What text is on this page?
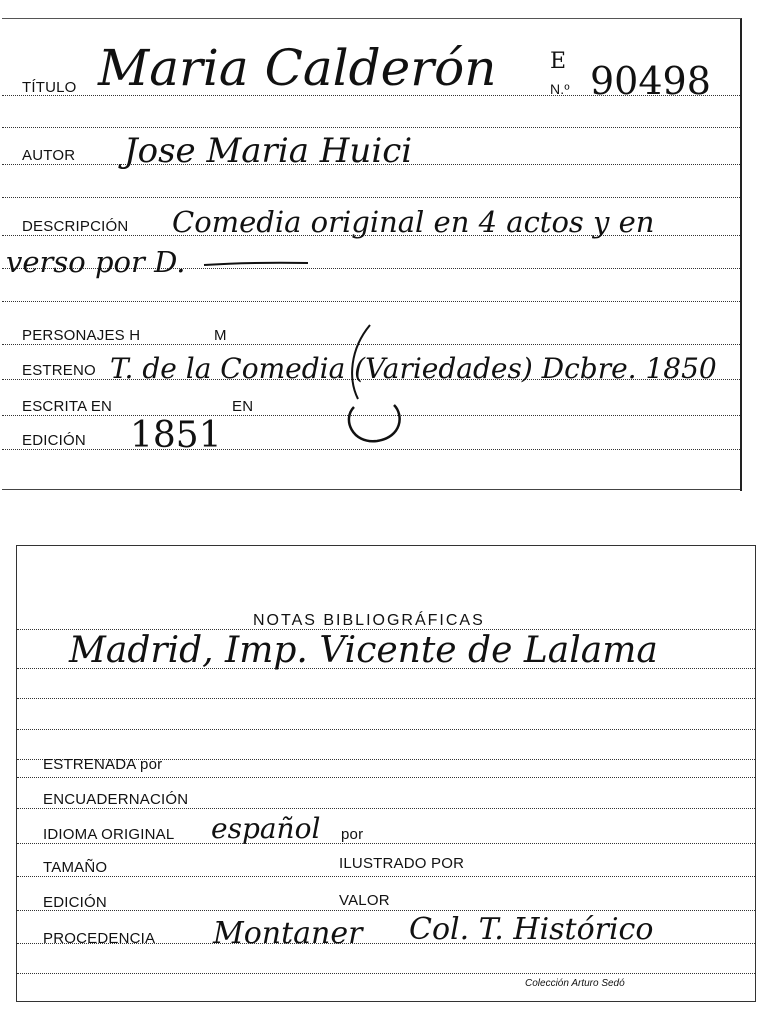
TÍTULO Maria Calderón E
N.º 90498
AUTOR Jose Maria Huici
DESCRIPCIÓN Comedia original en 4 actos y en
verso por D.
PERSONAJES H	M
ESTRENO T. de la Comedia (Variedades) Dcbre. 1850
ESCRITA EN	EN
EDICIÓN 1851
NOTAS BIBLIOGRÁFICAS
Madrid, Imp. Vicente de Lalama
ESTRENADA por
ENCUADERNACIÓN
IDIOMA ORIGINAL español por
TAMAÑO	ILUSTRADO POR
EDICIÓN	VALOR
PROCEDENCIA Montaner Col. T. Histórico
Colección Arturo Sedó
